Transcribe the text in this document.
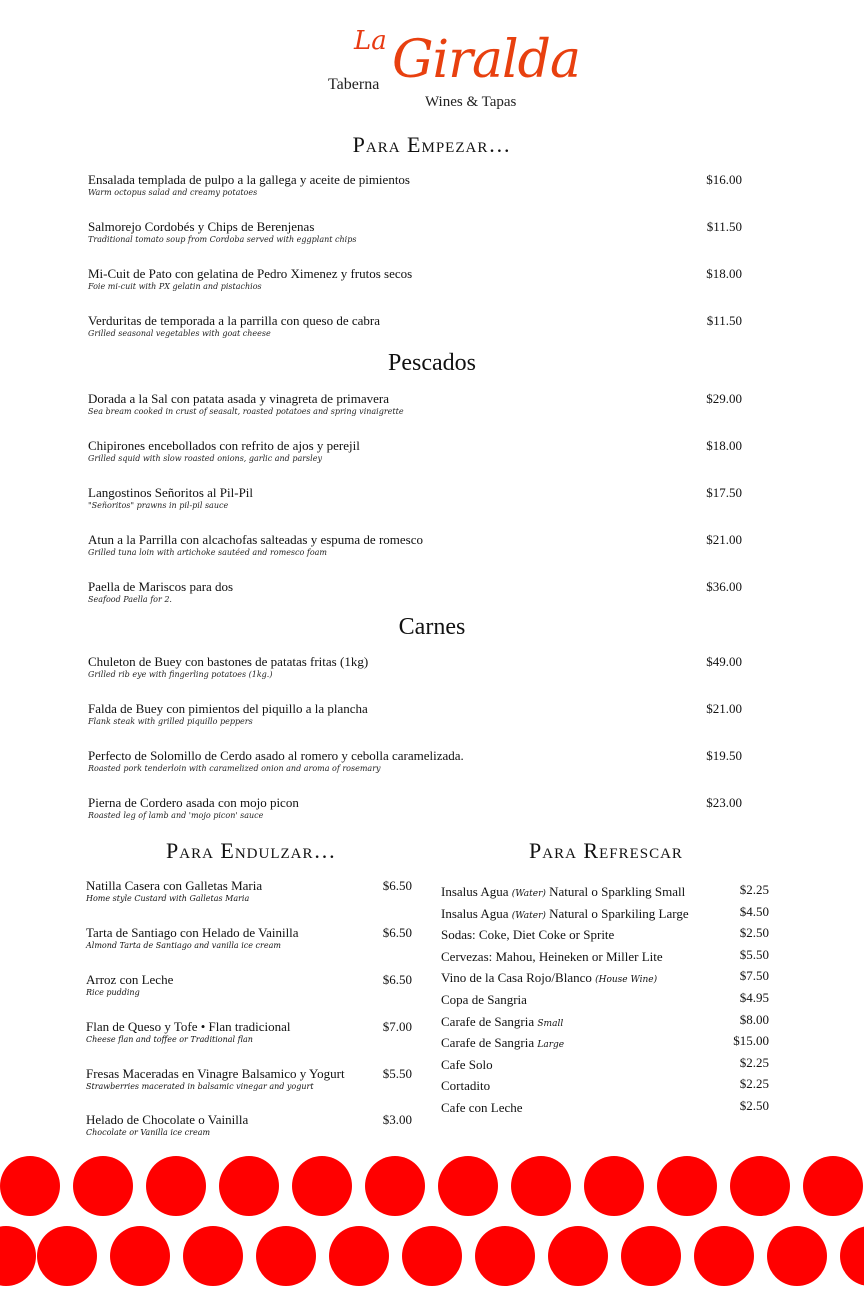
La Giralda
Taberna
Wines & Tapas
Para Empezar…
Ensalada templada de pulpo a la gallega y aceite de pimientos
Warm octopus salad and creamy potatoes
$16.00
Salmorejo Cordobés y Chips de Berenjenas
Traditional tomato soup from Cordoba served with eggplant chips
$11.50
Mi-Cuit de Pato con gelatina de Pedro Ximenez y frutos secos
Foie mi-cuit with PX gelatin and pistachios
$18.00
Verduritas de temporada a la parrilla con queso de cabra
Grilled seasonal vegetables with goat cheese
$11.50
Pescados
Dorada a la Sal con patata asada y vinagreta de primavera
Sea bream cooked in crust of seasalt, roasted potatoes and spring vinaigrette
$29.00
Chipirones encebollados con refrito de ajos y perejil
Grilled squid with slow roasted onions, garlic and parsley
$18.00
Langostinos Señoritos al Pil-Pil
"Señoritos" prawns in pil-pil sauce
$17.50
Atun a la Parrilla con alcachofas salteadas y espuma de romesco
Grilled tuna loin with artichoke sautéed and romesco foam
$21.00
Paella de Mariscos para dos
Seafood Paella for 2.
$36.00
Carnes
Chuleton de Buey con bastones de patatas fritas (1kg)
Grilled rib eye with fingerling potatoes (1kg.)
$49.00
Falda de Buey con pimientos del piquillo a la plancha
Flank steak with grilled piquillo peppers
$21.00
Perfecto de Solomillo de Cerdo asado al romero y cebolla caramelizada.
Roasted pork tenderloin with caramelized onion and aroma of rosemary
$19.50
Pierna de Cordero asada con mojo picon
Roasted leg of lamb and 'mojo picon' sauce
$23.00
Para Endulzar…
Natilla Casera con Galletas Maria
Home style Custard with Galletas Maria
$6.50
Tarta de Santiago con Helado de Vainilla
Almond Tarta de Santiago and vanilla ice cream
$6.50
Arroz con Leche
Rice pudding
$6.50
Flan de Queso y Tofe • Flan tradicional
Cheese flan and toffee or Traditional flan
$7.00
Fresas Maceradas en Vinagre Balsamico y Yogurt
Strawberries macerated in balsamic vinegar and yogurt
$5.50
Helado de Chocolate o Vainilla
Chocolate or Vanilla ice cream
$3.00
Para Refrescar
Insalus Agua (Water) Natural o Sparkling Small	$2.25
Insalus Agua (Water) Natural o Sparkiling Large	$4.50
Sodas: Coke, Diet Coke or Sprite	$2.50
Cervezas: Mahou, Heineken or Miller Lite	$5.50
Vino de la Casa Rojo/Blanco (House Wine)	$7.50
Copa de Sangria	$4.95
Carafe de Sangria Small	$8.00
Carafe de Sangria Large	$15.00
Cafe Solo	$2.25
Cortadito	$2.25
Cafe con Leche	$2.50
